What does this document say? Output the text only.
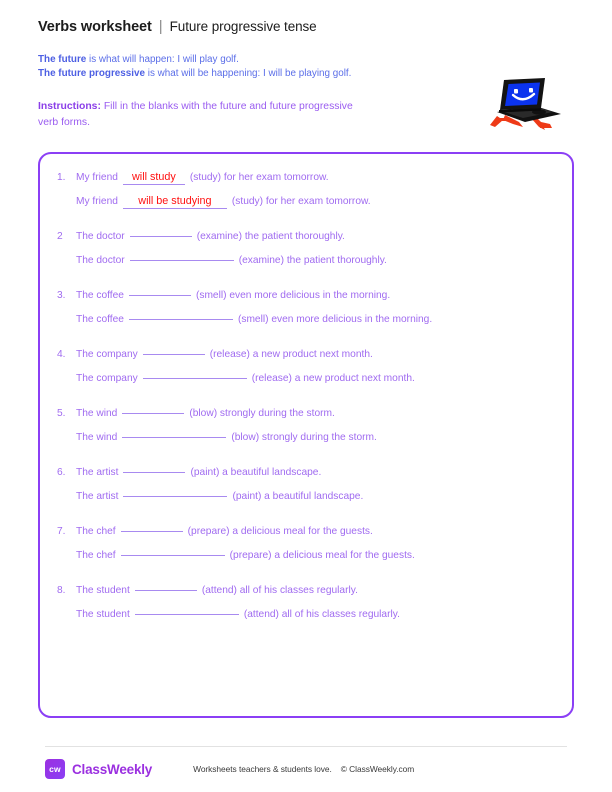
Verbs worksheet | Future progressive tense
The future is what will happen: I will play golf.
The future progressive is what will be happening: I will be playing golf.
Instructions: Fill in the blanks with the future and future progressive verb forms.
1.	My friend	will study	(study) for her exam tomorrow.
My friend	will be studying	(study) for her exam tomorrow.
2	The doctor	(examine) the patient thoroughly.
The doctor	(examine) the patient thoroughly.
3.	The coffee	(smell) even more delicious in the morning.
The coffee	(smell) even more delicious in the morning.
4.	The company	(release) a new product next month.
The company	(release) a new product next month.
5.	The wind	(blow) strongly during the storm.
The wind	(blow) strongly during the storm.
6.	The artist	(paint) a beautiful landscape.
The artist	(paint) a beautiful landscape.
7.	The chef	(prepare) a delicious meal for the guests.
The chef	(prepare) a delicious meal for the guests.
8.	The student	(attend) all of his classes regularly.
The student	(attend) all of his classes regularly.
cw ClassWeekly	Worksheets teachers & students love. © ClassWeekly.com
